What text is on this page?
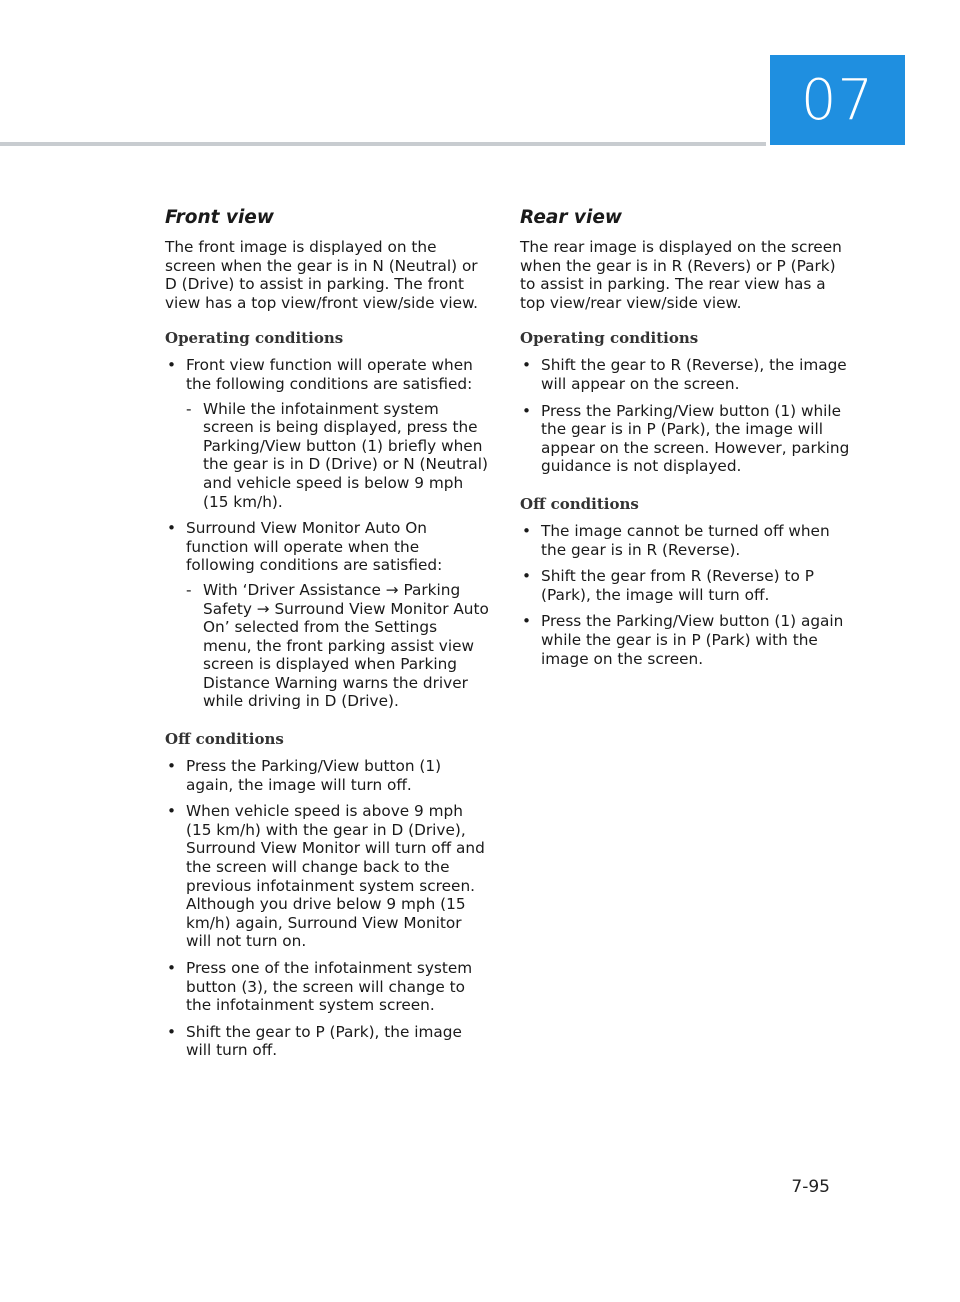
07
Front view

The front image is displayed on the screen when the gear is in N (Neutral) or D (Drive) to assist in parking. The front view has a top view/front view/side view.

Operating conditions
• Front view function will operate when the following conditions are satisfied:
- While the infotainment system screen is being displayed, press the Parking/View button (1) briefly when the gear is in D (Drive) or N (Neutral) and vehicle speed is below 9 mph (15 km/h).
• Surround View Monitor Auto On function will operate when the following conditions are satisfied:
- With ‘Driver Assistance → Parking Safety → Surround View Monitor Auto On’ selected from the Settings menu, the front parking assist view screen is displayed when Parking Distance Warning warns the driver while driving in D (Drive).
Off conditions
• Press the Parking/View button (1) again, the image will turn off.
• When vehicle speed is above 9 mph (15 km/h) with the gear in D (Drive), Surround View Monitor will turn off and the screen will change back to the previous infotainment system screen. Although you drive below 9 mph (15 km/h) again, Surround View Monitor will not turn on.
• Press one of the infotainment system button (3), the screen will change to the infotainment system screen.
• Shift the gear to P (Park), the image will turn off.
Rear view

The rear image is displayed on the screen when the gear is in R (Revers) or P (Park) to assist in parking. The rear view has a top view/rear view/side view.

Operating conditions
• Shift the gear to R (Reverse), the image will appear on the screen.
• Press the Parking/View button (1) while the gear is in P (Park), the image will appear on the screen. However, parking guidance is not displayed.
Off conditions
• The image cannot be turned off when the gear is in R (Reverse).
• Shift the gear from R (Reverse) to P (Park), the image will turn off.
• Press the Parking/View button (1) again while the gear is in P (Park) with the image on the screen.
7-95
